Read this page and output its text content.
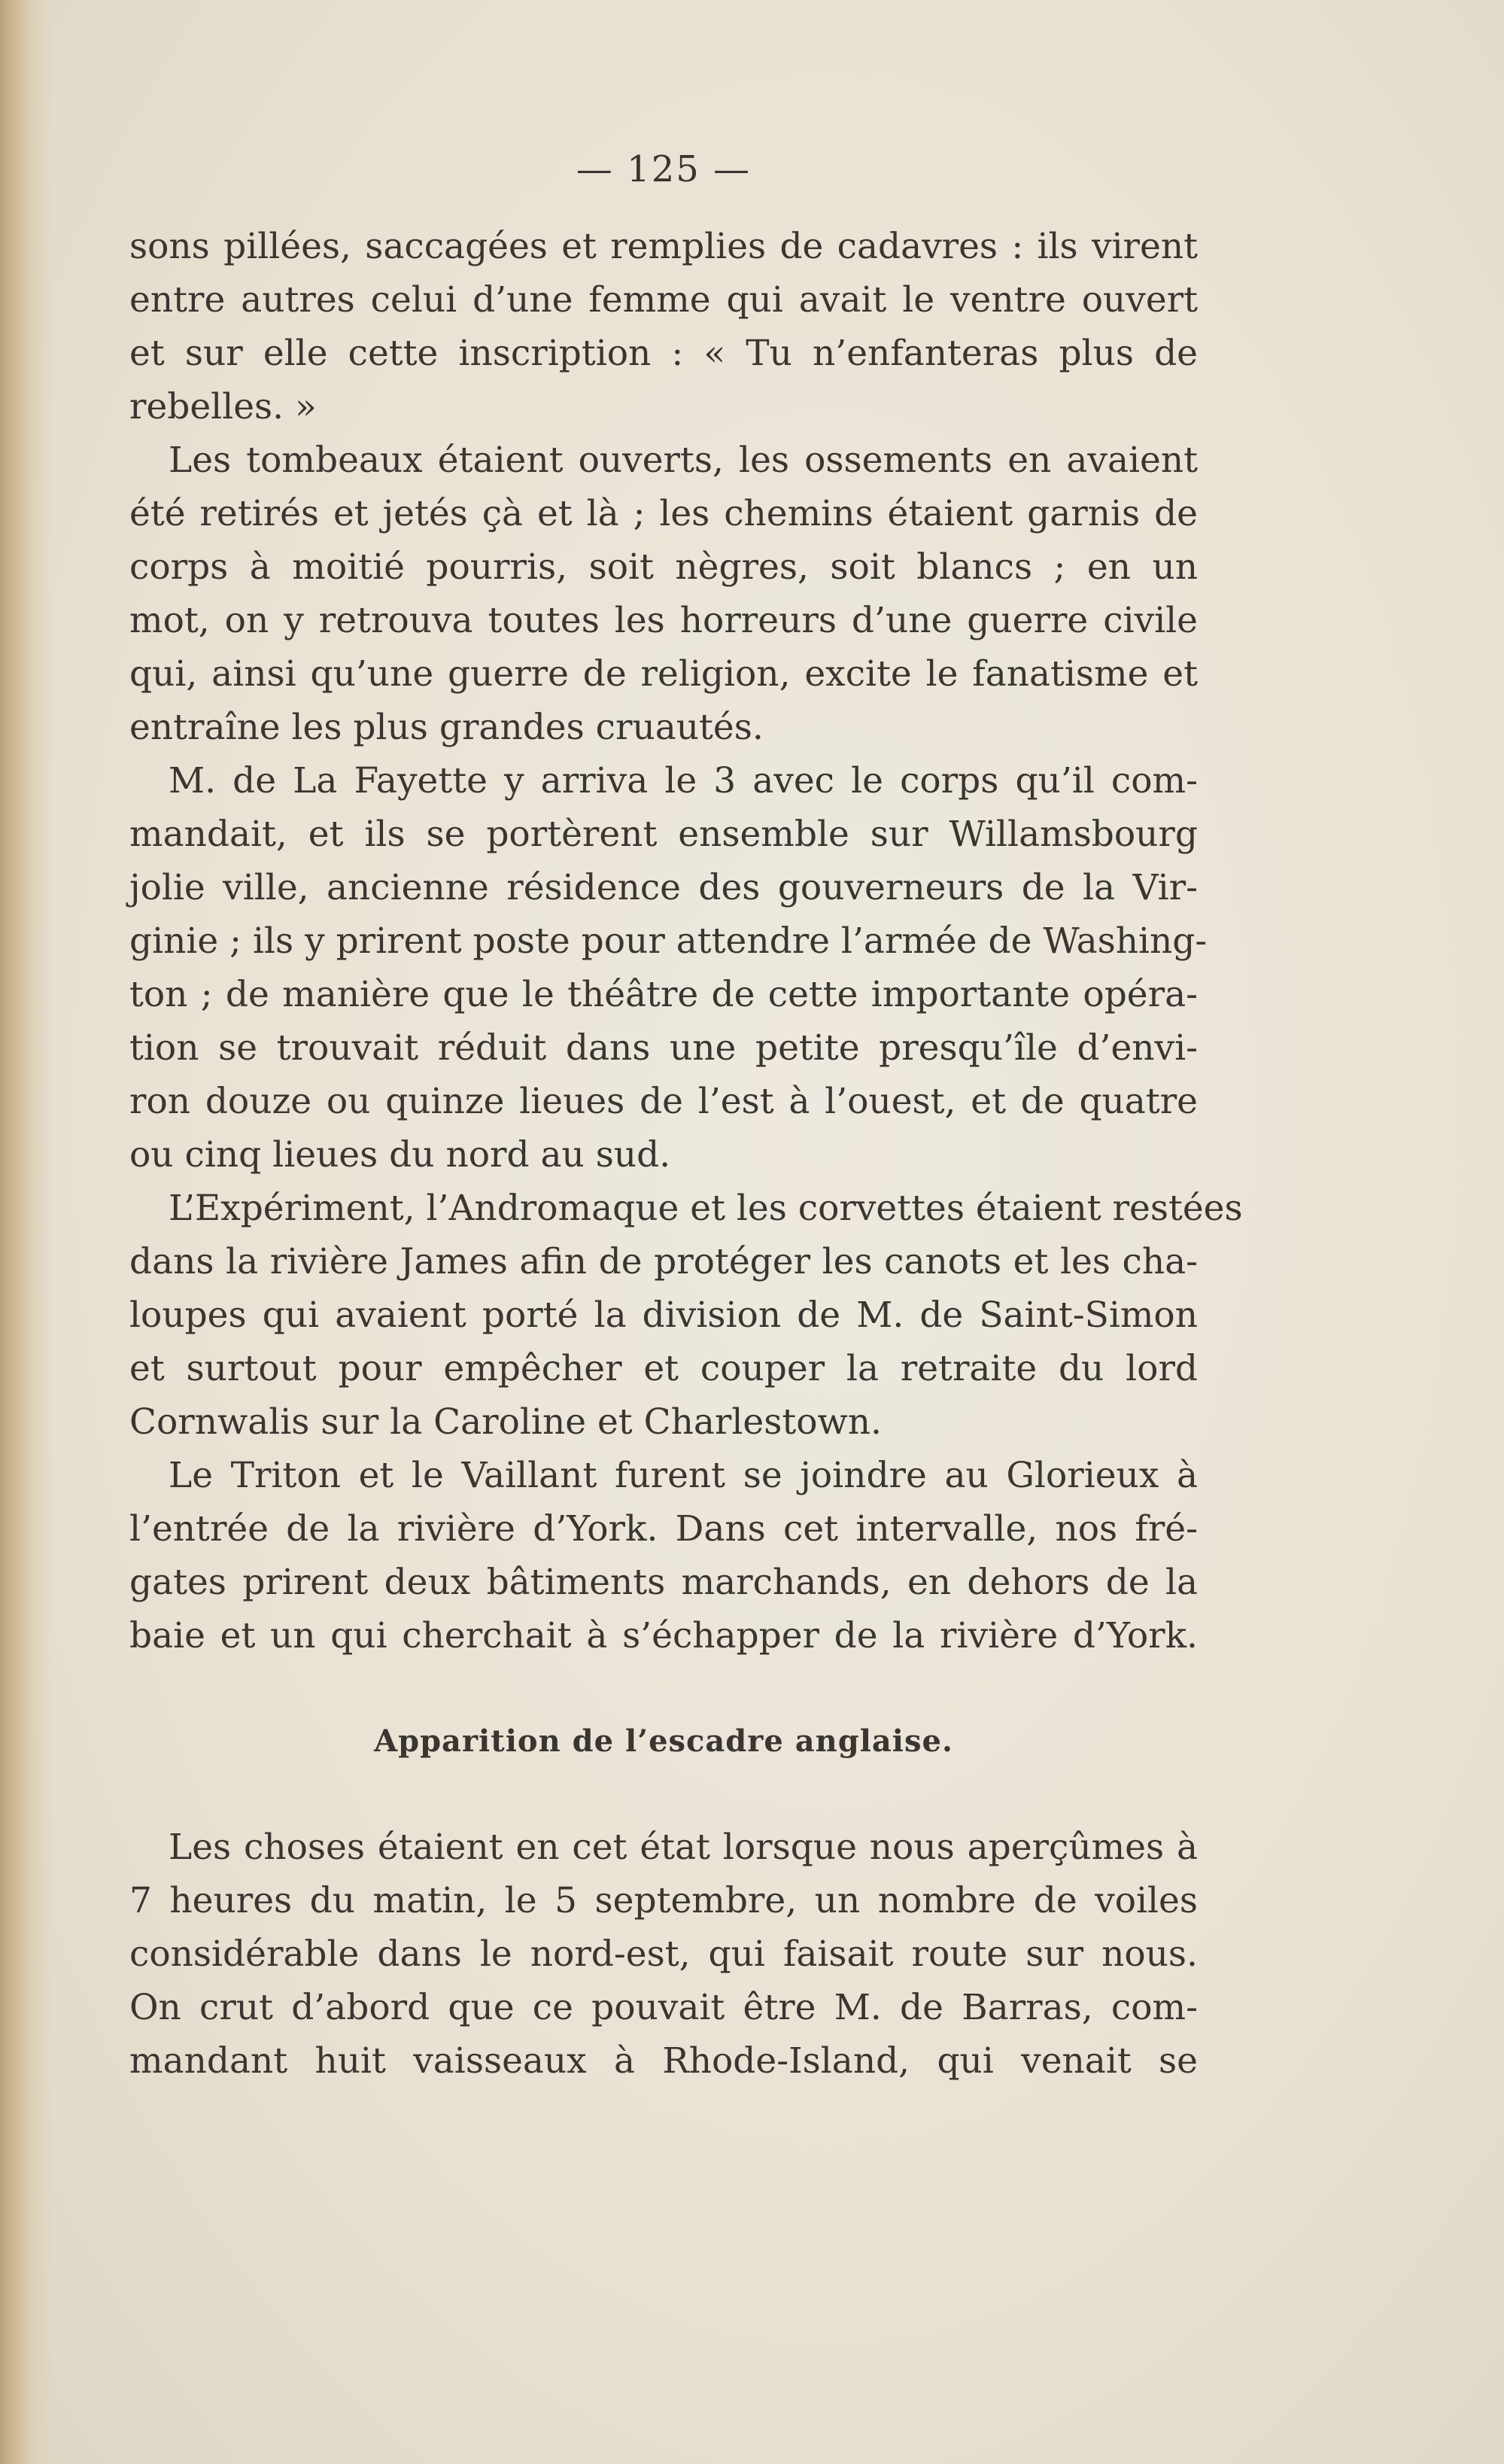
— 125 —
sons pillées, saccagées et remplies de cadavres : ils virent
entre autres celui d’une femme qui avait le ventre ouvert
et sur elle cette inscription : « Tu n’enfanteras plus de
rebelles. »
Les tombeaux étaient ouverts, les ossements en avaient
été retirés et jetés çà et là ; les chemins étaient garnis de
corps à moitié pourris, soit nègres, soit blancs ; en un
mot, on y retrouva toutes les horreurs d’une guerre civile
qui, ainsi qu’une guerre de religion, excite le fanatisme et
entraîne les plus grandes cruautés.
M. de La Fayette y arriva le 3 avec le corps qu’il com-
mandait, et ils se portèrent ensemble sur Willamsbourg
jolie ville, ancienne résidence des gouverneurs de la Vir-
ginie ; ils y prirent poste pour attendre l’armée de Washing-
ton ; de manière que le théâtre de cette importante opéra-
tion se trouvait réduit dans une petite presqu’île d’envi-
ron douze ou quinze lieues de l’est à l’ouest, et de quatre
ou cinq lieues du nord au sud.
L’Expériment, l’Andromaque et les corvettes étaient restées
dans la rivière James afin de protéger les canots et les cha-
loupes qui avaient porté la division de M. de Saint-Simon
et surtout pour empêcher et couper la retraite du lord
Cornwalis sur la Caroline et Charlestown.
Le Triton et le Vaillant furent se joindre au Glorieux à
l’entrée de la rivière d’York. Dans cet intervalle, nos fré-
gates prirent deux bâtiments marchands, en dehors de la
baie et un qui cherchait à s’échapper de la rivière d’York.
Apparition de l’escadre anglaise.
Les choses étaient en cet état lorsque nous aperçûmes à
7 heures du matin, le 5 septembre, un nombre de voiles
considérable dans le nord-est, qui faisait route sur nous.
On crut d’abord que ce pouvait être M. de Barras, com-
mandant huit vaisseaux à Rhode-Island, qui venait se
